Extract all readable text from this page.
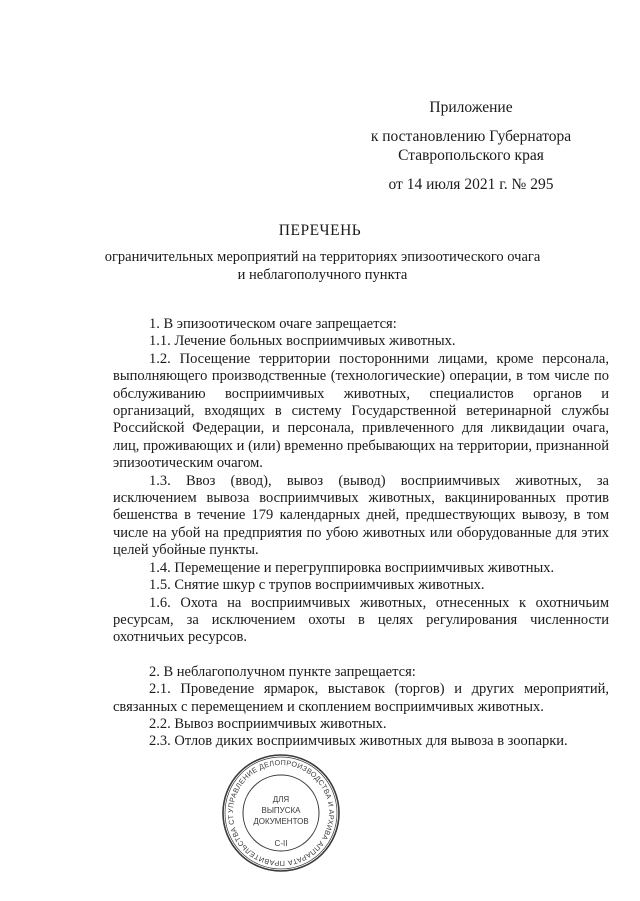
Приложение
к постановлению Губернатора Ставропольского края
от 14 июля 2021 г. № 295
ПЕРЕЧЕНЬ
ограничительных мероприятий на территориях эпизоотического очага и неблагополучного пункта

1. В эпизоотическом очаге запрещается:

1.1. Лечение больных восприимчивых животных.

1.2. Посещение территории посторонними лицами, кроме персонала, выполняющего производственные (технологические) операции, в том числе по обслуживанию восприимчивых животных, специалистов органов и организаций, входящих в систему Государственной ветеринарной службы Российской Федерации, и персонала, привлеченного для ликвидации очага, лиц, проживающих и (или) временно пребывающих на территории, признанной эпизоотическим очагом.

1.3. Ввоз (ввод), вывоз (вывод) восприимчивых животных, за исключением вывоза восприимчивых животных, вакцинированных против бешенства в течение 179 календарных дней, предшествующих вывозу, в том числе на убой на предприятия по убою животных или оборудованные для этих целей убойные пункты.

1.4. Перемещение и перегруппировка восприимчивых животных.

1.5. Снятие шкур с трупов восприимчивых животных.

1.6. Охота на восприимчивых животных, отнесенных к охотничьим ресурсам, за исключением охоты в целях регулирования численности охотничьих ресурсов.

2. В неблагополучном пункте запрещается:

2.1. Проведение ярмарок, выставок (торгов) и других мероприятий, связанных с перемещением и скоплением восприимчивых животных.

2.2. Вывоз восприимчивых животных.

2.3. Отлов диких восприимчивых животных для вывоза в зоопарки.

УПРАВЛЕНИЕ ДЕЛОПРОИЗВОДСТВА И АРХИВА АППАРАТА ПРАВИТЕЛЬСТВА СТ
ДЛЯ
ВЫПУСКА
ДОКУМЕНТОВ
С-II
